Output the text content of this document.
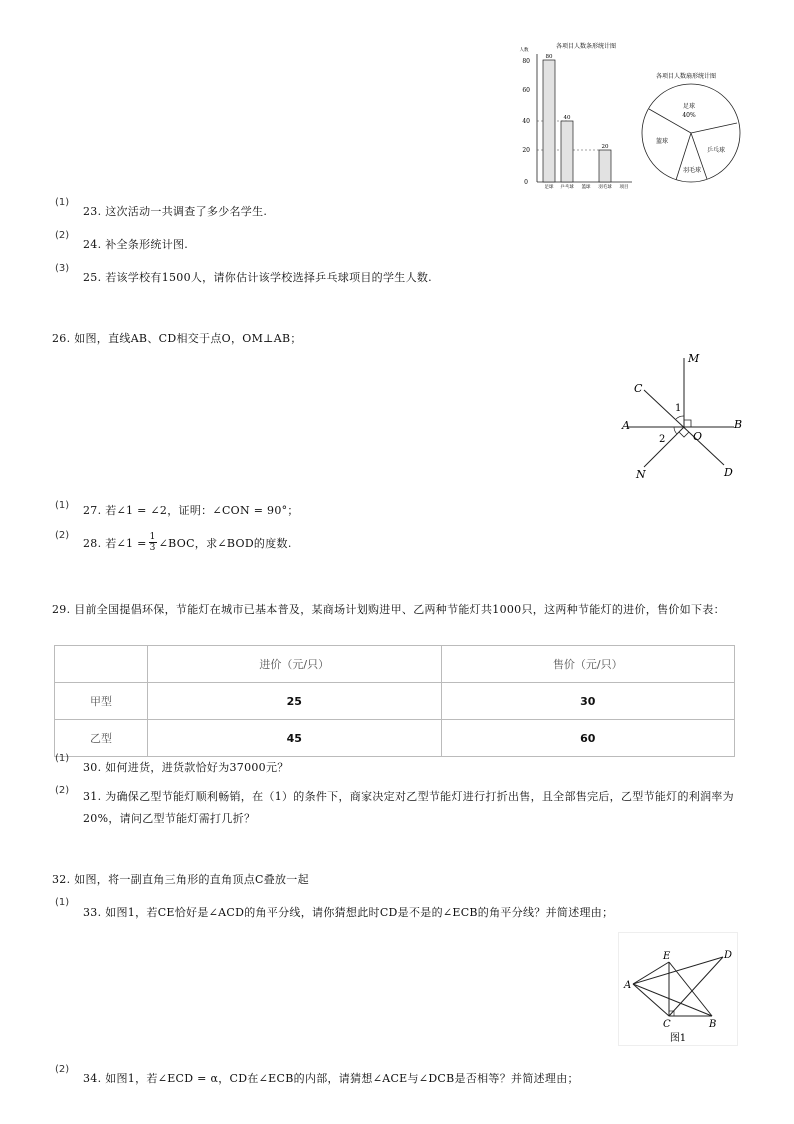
各项目人数条形统计图
人数
80
60
40
20
0
80
40
20
足球 乒乓球 篮球 羽毛球 项目
各项目人数扇形统计图
足球
40%
篮球
乒乓球
羽毛球
(1)
23. 这次活动一共调查了多少名学生.
(2)
24. 补全条形统计图.
(3)
25. 若该学校有1500人，请你估计该学校选择乒乓球项目的学生人数.
26. 如图，直线AB、CD相交于点O，OM⊥AB；
M
C
1
A
O
B
2
N	D
(1) 27. 若∠1 = ∠2，证明：∠CON = 90°；
(2)
28. 若∠1 = $\frac{1}{3}$ ∠BOC，求∠BOD的度数.
29. 目前全国提倡环保，节能灯在城市已基本普及，某商场计划购进甲、乙两种节能灯共1000只，这两种节能灯的进价，售价如下表：
	进价（元/只）	售价（元/只）
甲型	25	30
乙型	45	60
(1)
30. 如何进货，进货款恰好为37000元？
(2) 31. 为确保乙型节能灯顺利畅销，在（1）的条件下，商家决定对乙型节能灯进行打折出售，且全部售完后，乙型节能灯的利润率为20%，请问乙型节能灯需打几折？
32. 如图，将一副直角三角形的直角顶点C叠放一起
(1)
33. 如图1，若CE恰好是∠ACD的角平分线，请你猜想此时CD是不是的∠ECB的角平分线？并简述理由；
E	D
A
C	B
图1
(2)
34. 如图1，若∠ECD = α，CD在∠ECB的内部，请猜想∠ACE与∠DCB是否相等？并简述理由；
